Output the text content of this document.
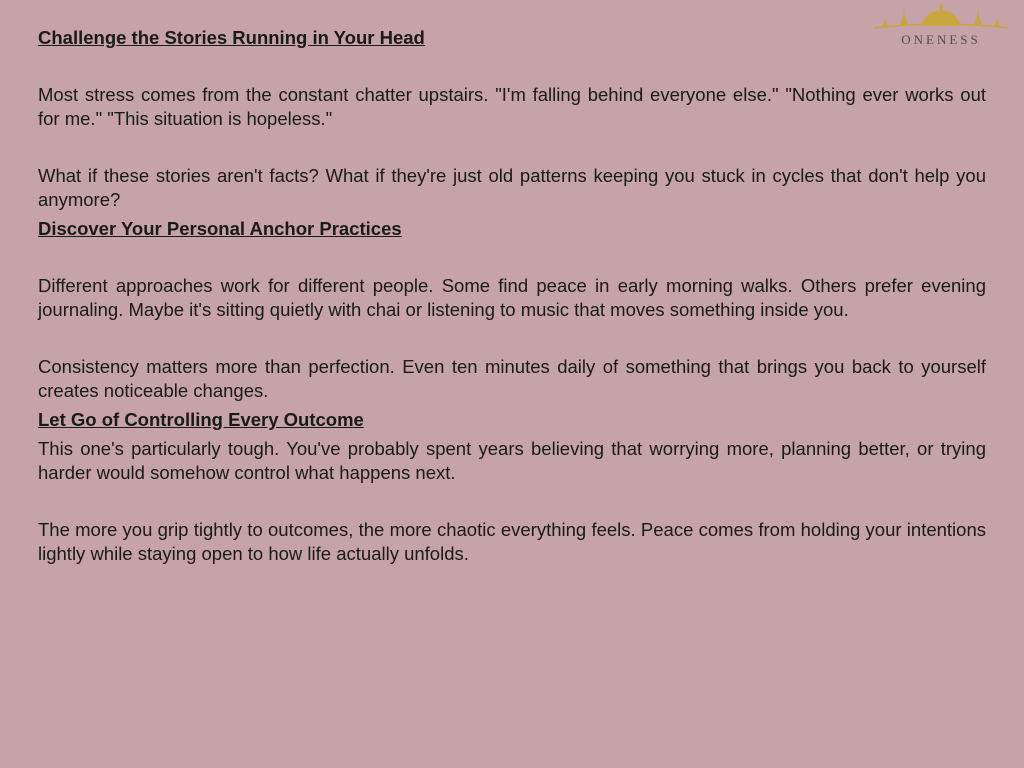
ONENESS

Challenge the Stories Running in Your Head

Most stress comes from the constant chatter upstairs. "I'm falling behind everyone else." "Nothing ever works out for me." "This situation is hopeless."

What if these stories aren't facts? What if they're just old patterns keeping you stuck in cycles that don't help you anymore?

Discover Your Personal Anchor Practices

Different approaches work for different people. Some find peace in early morning walks. Others prefer evening journaling. Maybe it's sitting quietly with chai or listening to music that moves something inside you.

Consistency matters more than perfection. Even ten minutes daily of something that brings you back to yourself creates noticeable changes.

Let Go of Controlling Every Outcome

This one's particularly tough. You've probably spent years believing that worrying more, planning better, or trying harder would somehow control what happens next.

The more you grip tightly to outcomes, the more chaotic everything feels. Peace comes from holding your intentions lightly while staying open to how life actually unfolds.
